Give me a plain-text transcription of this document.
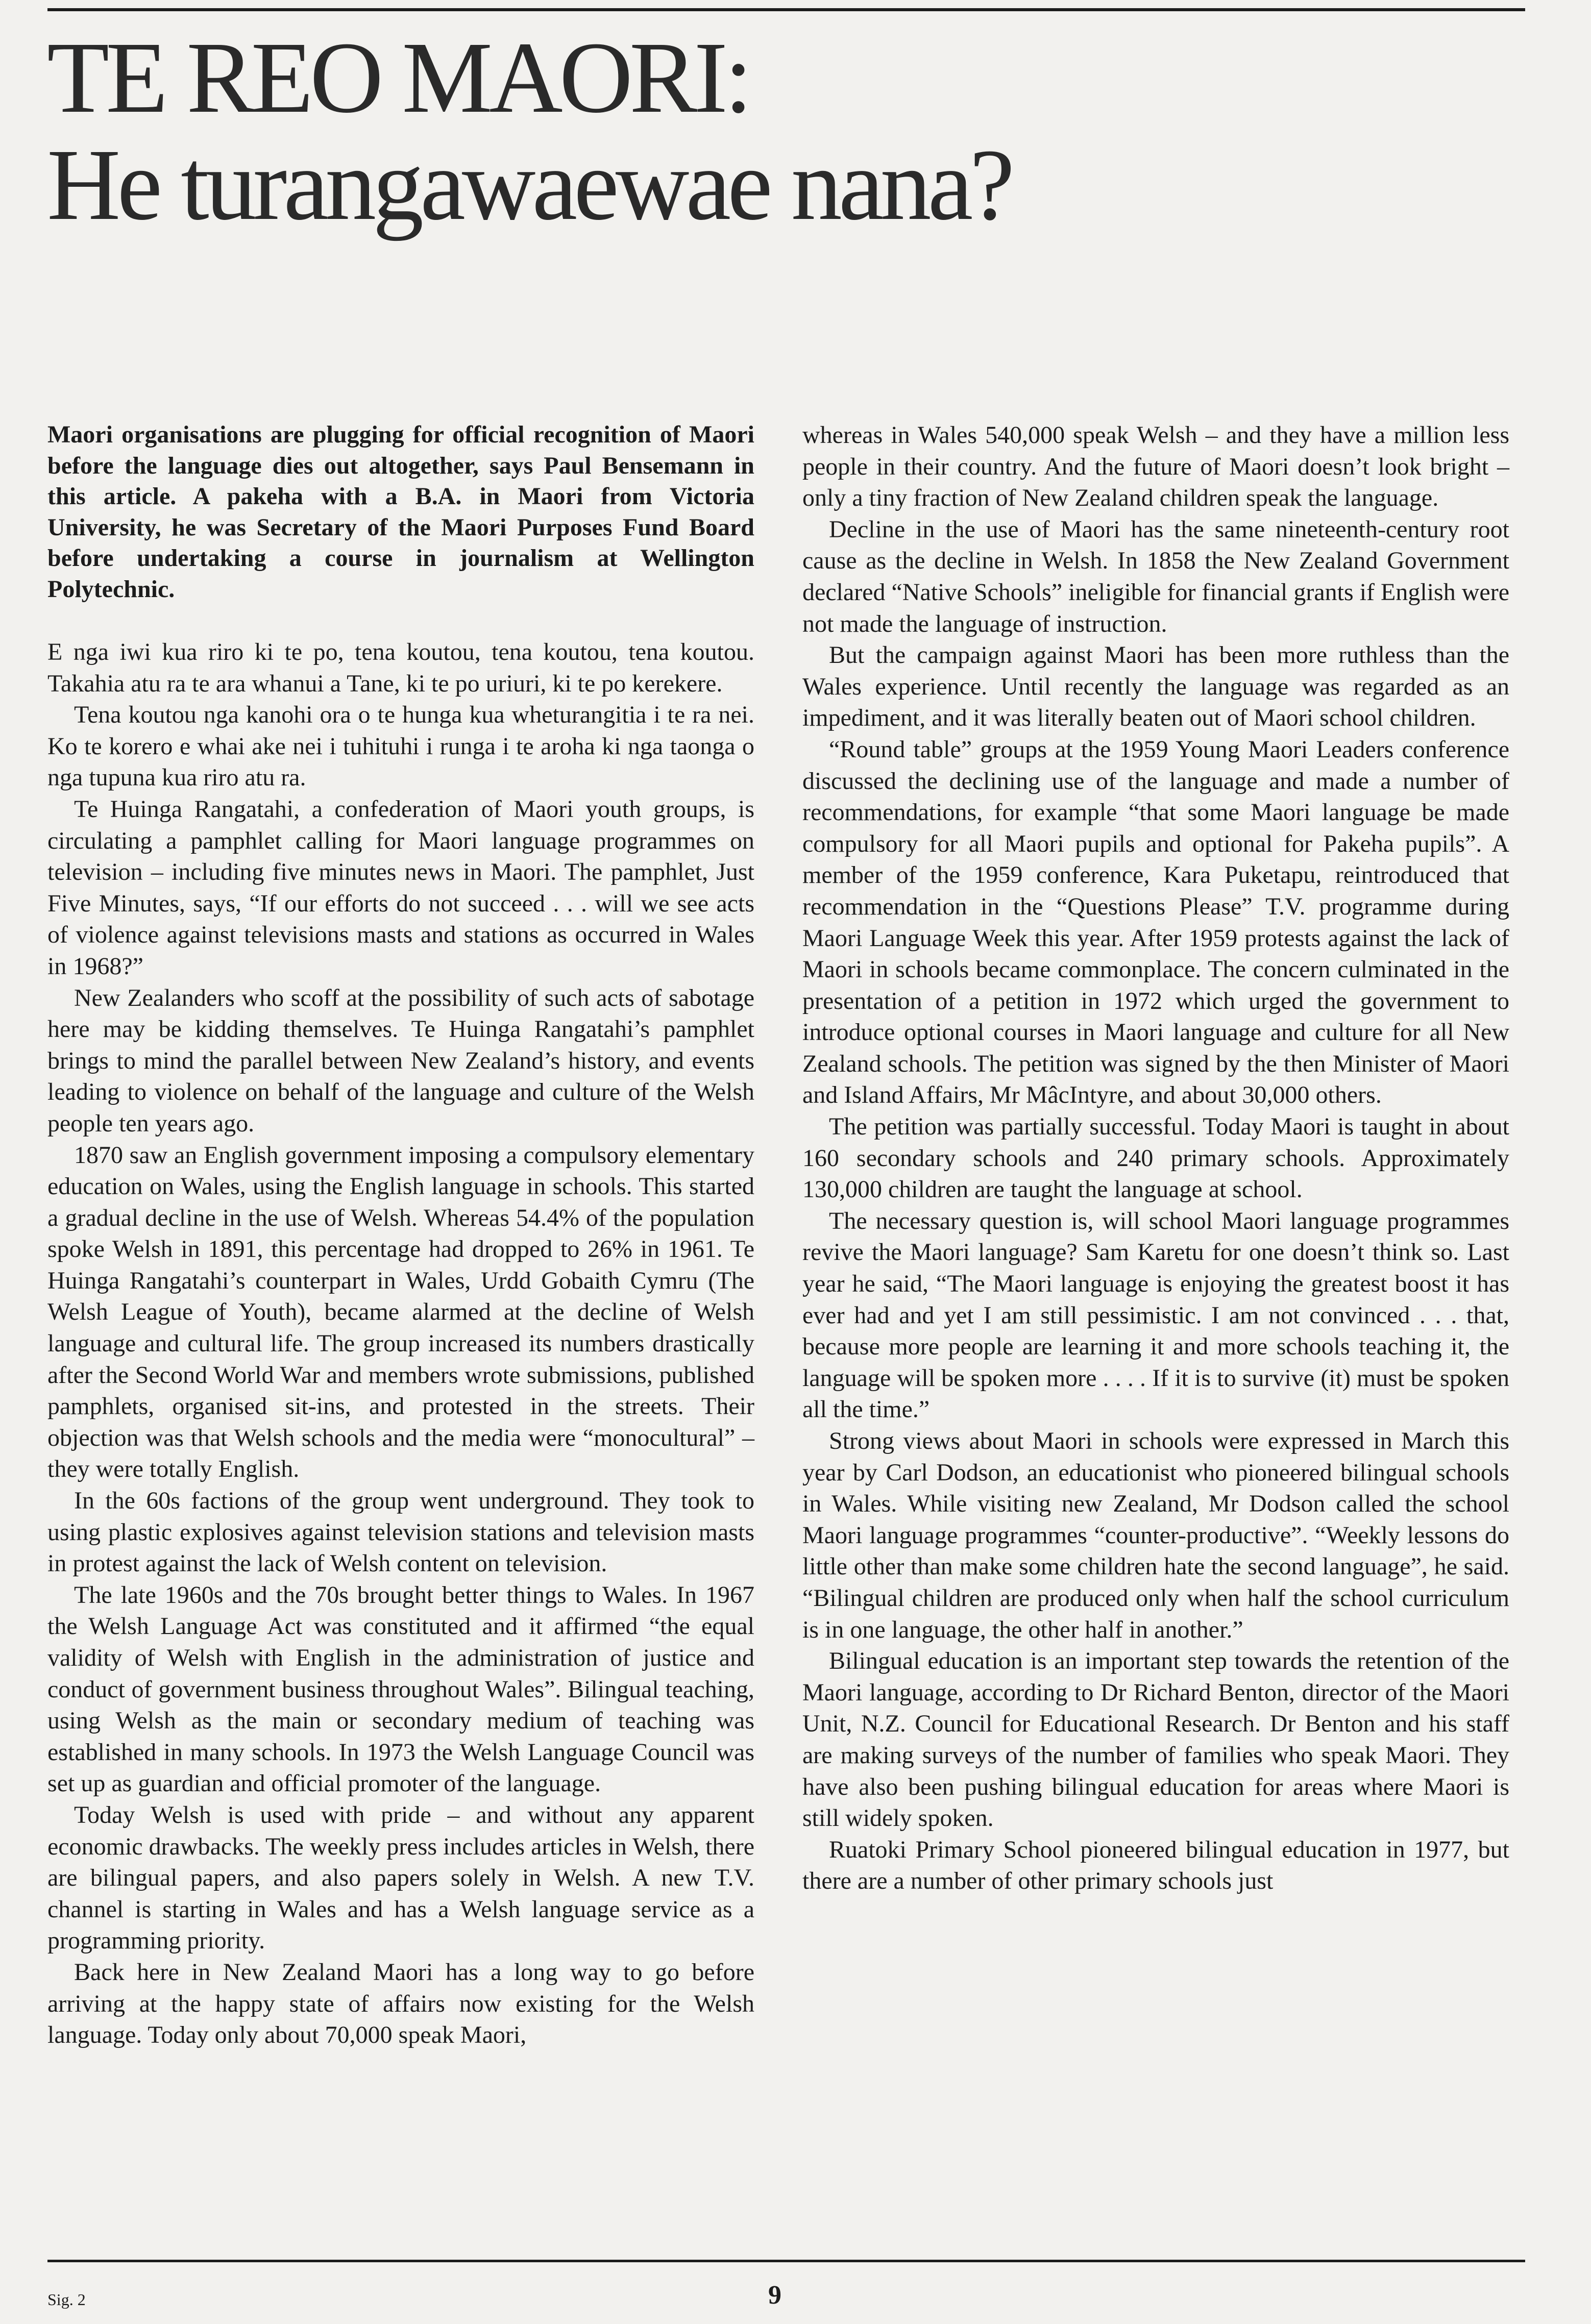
TE REO MAORI:
He turangawaewae nana?

Maori organisations are plugging for official recognition of Maori before the language dies out altogether, says Paul Bensemann in this article. A pakeha with a B.A. in Maori from Victoria University, he was Secretary of the Maori Purposes Fund Board before undertaking a course in journalism at Wellington Polytechnic.

E nga iwi kua riro ki te po, tena koutou, tena koutou, tena koutou. Takahia atu ra te ara whanui a Tane, ki te po uriuri, ki te po kerekere.

Tena koutou nga kanohi ora o te hunga kua wheturangitia i te ra nei. Ko te korero e whai ake nei i tuhituhi i runga i te aroha ki nga taonga o nga tupuna kua riro atu ra.

Te Huinga Rangatahi, a confederation of Maori youth groups, is circulating a pamphlet calling for Maori language programmes on television – including five minutes news in Maori. The pamphlet, Just Five Minutes, says, “If our efforts do not succeed . . . will we see acts of violence against televisions masts and stations as occurred in Wales in 1968?”

New Zealanders who scoff at the possibility of such acts of sabotage here may be kidding themselves. Te Huinga Rangatahi’s pamphlet brings to mind the parallel between New Zealand’s history, and events leading to violence on behalf of the language and culture of the Welsh people ten years ago.

1870 saw an English government imposing a compulsory elementary education on Wales, using the English language in schools. This started a gradual decline in the use of Welsh. Whereas 54.4% of the population spoke Welsh in 1891, this percentage had dropped to 26% in 1961. Te Huinga Rangatahi’s counterpart in Wales, Urdd Gobaith Cymru (The Welsh League of Youth), became alarmed at the decline of Welsh language and cultural life. The group increased its numbers drastically after the Second World War and members wrote submissions, published pamphlets, organised sit-ins, and protested in the streets. Their objection was that Welsh schools and the media were “monocultural” – they were totally English.

In the 60s factions of the group went underground. They took to using plastic explosives against television stations and television masts in protest against the lack of Welsh content on television.

The late 1960s and the 70s brought better things to Wales. In 1967 the Welsh Language Act was constituted and it affirmed “the equal validity of Welsh with English in the administration of justice and conduct of government business throughout Wales”. Bilingual teaching, using Welsh as the main or secondary medium of teaching was established in many schools. In 1973 the Welsh Language Council was set up as guardian and official promoter of the language.

Today Welsh is used with pride – and without any apparent economic drawbacks. The weekly press includes articles in Welsh, there are bilingual papers, and also papers solely in Welsh. A new T.V. channel is starting in Wales and has a Welsh language service as a programming priority.

Back here in New Zealand Maori has a long way to go before arriving at the happy state of affairs now existing for the Welsh language. Today only about 70,000 speak Maori,

whereas in Wales 540,000 speak Welsh – and they have a million less people in their country. And the future of Maori doesn’t look bright – only a tiny fraction of New Zealand children speak the language.

Decline in the use of Maori has the same nineteenth-century root cause as the decline in Welsh. In 1858 the New Zealand Government declared “Native Schools” ineligible for financial grants if English were not made the language of instruction.

But the campaign against Maori has been more ruthless than the Wales experience. Until recently the language was regarded as an impediment, and it was literally beaten out of Maori school children.

“Round table” groups at the 1959 Young Maori Leaders conference discussed the declining use of the language and made a number of recommendations, for example “that some Maori language be made compulsory for all Maori pupils and optional for Pakeha pupils”. A member of the 1959 conference, Kara Puketapu, reintroduced that recommendation in the “Questions Please” T.V. programme during Maori Language Week this year. After 1959 protests against the lack of Maori in schools became commonplace. The concern culminated in the presentation of a petition in 1972 which urged the government to introduce optional courses in Maori language and culture for all New Zealand schools. The petition was signed by the then Minister of Maori and Island Affairs, Mr MâcIntyre, and about 30,000 others.

The petition was partially successful. Today Maori is taught in about 160 secondary schools and 240 primary schools. Approximately 130,000 children are taught the language at school.

The necessary question is, will school Maori language programmes revive the Maori language? Sam Karetu for one doesn’t think so. Last year he said, “The Maori language is enjoying the greatest boost it has ever had and yet I am still pessimistic. I am not convinced . . . that, because more people are learning it and more schools teaching it, the language will be spoken more . . . . If it is to survive (it) must be spoken all the time.”

Strong views about Maori in schools were expressed in March this year by Carl Dodson, an educationist who pioneered bilingual schools in Wales. While visiting new Zealand, Mr Dodson called the school Maori language programmes “counter-productive”. “Weekly lessons do little other than make some children hate the second language”, he said. “Bilingual children are produced only when half the school curriculum is in one language, the other half in another.”

Bilingual education is an important step towards the retention of the Maori language, according to Dr Richard Benton, director of the Maori Unit, N.Z. Council for Educational Research. Dr Benton and his staff are making surveys of the number of families who speak Maori. They have also been pushing bilingual education for areas where Maori is still widely spoken.

Ruatoki Primary School pioneered bilingual education in 1977, but there are a number of other primary schools just

Sig. 2	9
